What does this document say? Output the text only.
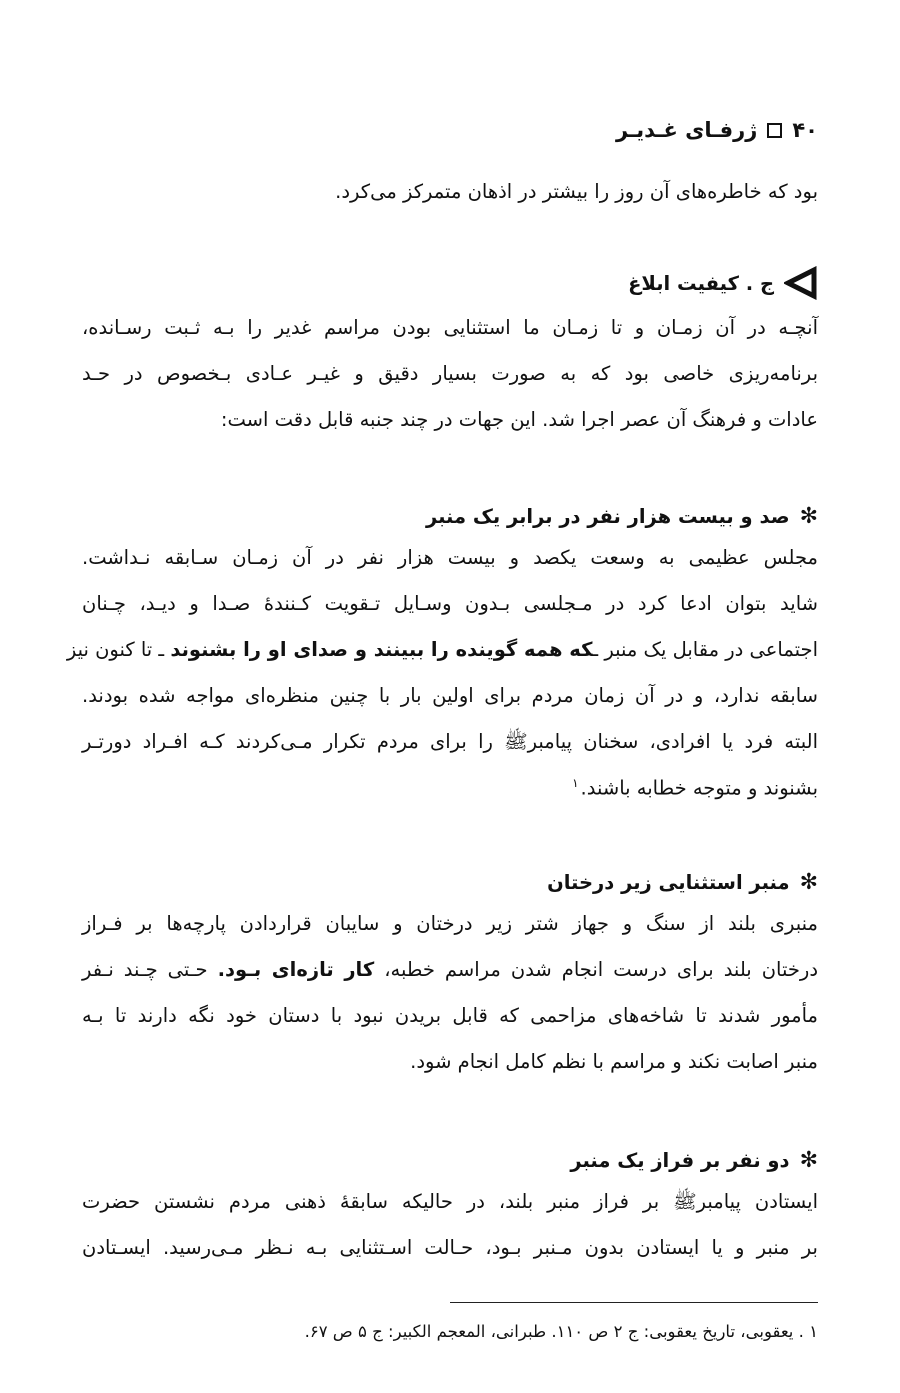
۴۰
ژرفـای غـدیـر
بود که خاطره‌های آن روز را بیشتر در اذهان متمرکز می‌کرد.
ج . کیفیت ابلاغ
آنچـه در آن زمـان و تا زمـان ما استثنایی بودن مراسم غدیر را بـه ثـبت رسـانده،
برنامه‌ریزی خاصی بود که به صورت بسیار دقیق و غیـر عـادی بـخصوص در حـد
عادات و فرهنگ آن عصر اجرا شد. این جهات در چند جنبه قابل دقت است:
✻
صد و بیست هزار نفر در برابر یک منبر
مجلس عظیمی به وسعت یکصد و بیست هزار نفر در آن زمـان سـابقه نـداشت.
شاید بتوان ادعا کرد در مـجلسی بـدون وسـایل تـقویت کـنندهٔ صـدا و دیـد، چـنان
اجتماعی در مقابل یک منبر ـکه همه گوینده را ببینند و صدای او را بشنوند ـ تا کنون نیز
سابقه ندارد، و در آن زمان مردم برای اولین بار با چنین منظره‌ای مواجه شده بودند.
البته فرد یا افرادی، سخنان پیامبرﷺ را برای مردم تکرار مـی‌کردند کـه افـراد دورتـر
بشنوند و متوجه خطابه باشند.$^۱$
✻
منبر استثنایی زیر درختان
منبری بلند از سنگ و جهاز شتر زیر درختان و سایبان قراردادن پارچه‌ها بر فـراز
درختان بلند برای درست انجام شدن مراسم خطبه، کار تازه‌ای بـود. حـتی چـند نـفر
مأمور شدند تا شاخه‌های مزاحمی که قابل بریدن نبود با دستان خود نگه دارند تا بـه
منبر اصابت نکند و مراسم با نظم کامل انجام شود.
✻
دو نفر بر فراز یک منبر
ایستادن پیامبرﷺ بر فراز منبر بلند، در حالیکه سابقهٔ ذهنی مردم نشستن حضرت
بر منبر و یا ایستادن بدون مـنبر بـود، حـالت اسـتثنایی بـه نـظر مـی‌رسید. ایسـتادن
۱ . یعقوبی، تاریخ یعقوبی: ج ۲ ص ۱۱۰. طبرانی، المعجم الکبیر: ج ۵ ص ۶۷.
